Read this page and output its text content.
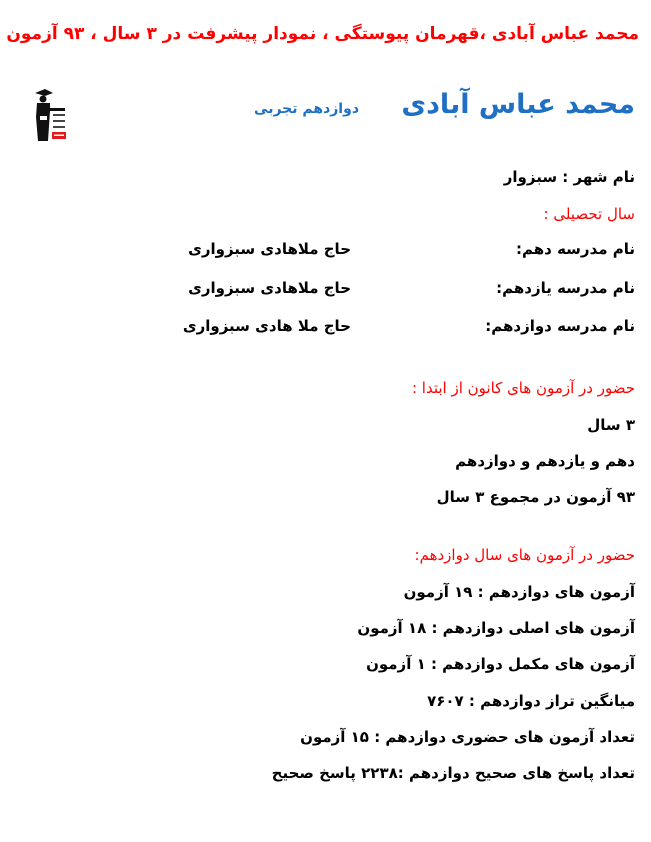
محمد عباس آبادی ،قهرمان پیوستگی ، نمودار پیشرفت در ۳ سال ، ۹۳ آزمون
محمد عباس آبادی
دوازدهم تجربی
نام شهر : سبزوار
سال تحصیلی :
نام مدرسه دهم:
حاج ملاهادی سبزواری
نام مدرسه یازدهم:
حاج ملاهادی سبزواری
نام مدرسه دوازدهم:
حاج ملا هادی سبزواری
حضور در آزمون های کانون از ابتدا :
۳ سال
دهم و یازدهم و دوازدهم
۹۳ آزمون در مجموع ۳ سال
حضور در آزمون های سال دوازدهم:
آزمون های دوازدهم : ۱۹ آزمون
آزمون های اصلی دوازدهم : ۱۸ آزمون
آزمون های مکمل دوازدهم : ۱ آزمون
میانگین تراز دوازدهم : ۷۶۰۷
تعداد آزمون های حضوری دوازدهم : ۱۵ آزمون
تعداد پاسخ های صحیح دوازدهم :۲۲۳۸ پاسخ صحیح
